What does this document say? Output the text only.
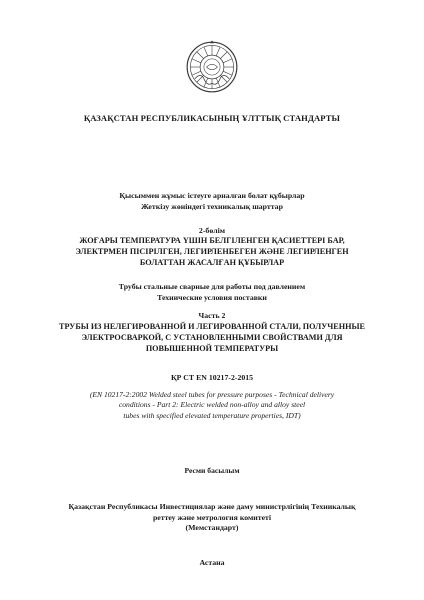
ҚАЗАҚСТАН РЕСПУБЛИКАСЫНЫҢ ҰЛТТЫҚ СТАНДАРТЫ
Қысыммен жұмыс істеуге арналған болат құбырлар
Жеткізу жөніндегі техникалық шарттар
2-бөлім
ЖОҒАРЫ ТЕМПЕРАТУРА ҮШІН БЕЛГІЛЕНГЕН ҚАСИЕТТЕРІ БАР,
ЭЛЕКТРМЕН ПІСІРІЛГЕН, ЛЕГИРЛЕНБЕГЕН ЖӘНЕ ЛЕГИРЛЕНГЕН
БОЛАТТАН ЖАСАЛҒАН ҚҰБЫРЛАР
Трубы стальные сварные для работы под давлением
Технические условия поставки
Часть 2
ТРУБЫ ИЗ НЕЛЕГИРОВАННОЙ И ЛЕГИРОВАННОЙ СТАЛИ, ПОЛУЧЕННЫЕ
ЭЛЕКТРОСВАРКОЙ, С УСТАНОВЛЕННЫМИ СВОЙСТВАМИ ДЛЯ
ПОВЫШЕННОЙ ТЕМПЕРАТУРЫ
ҚР СТ EN 10217-2-2015
(EN 10217-2:2002 Welded steel tubes for pressure purposes - Technical delivery
conditions - Part 2: Electric welded non-alloy and alloy steel
tubes with specified elevated temperature properties, IDT)
Ресми басылым
Қазақстан Республикасы Инвестициялар және даму министрлігінің Техникалық
реттеу және метрология комитеті
(Мемстандарт)
Астана
